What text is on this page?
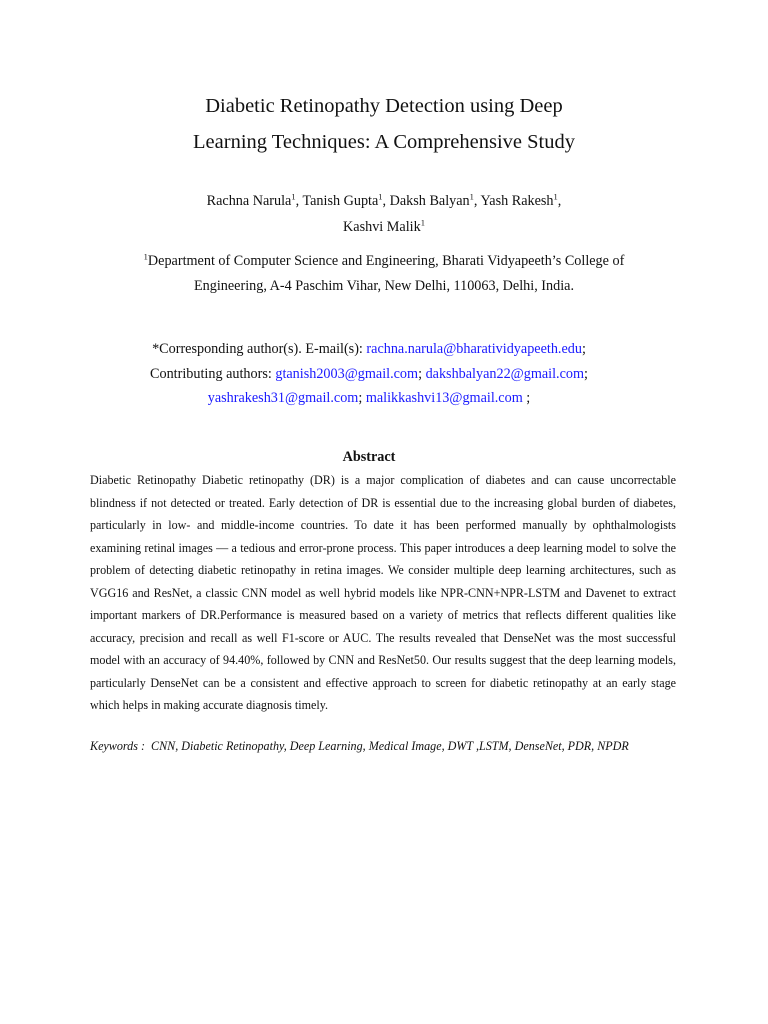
Diabetic Retinopathy Detection using Deep
Learning Techniques: A Comprehensive Study
Rachna Narula$^1$, Tanish Gupta$^1$, Daksh Balyan$^1$, Yash Rakesh$^1$,
Kashvi Malik$^1$
$^1$Department of Computer Science and Engineering, Bharati Vidyapeeth’s College of
Engineering, A-4 Paschim Vihar, New Delhi, 110063, Delhi, India.
*Corresponding author(s). E-mail(s): rachna.narula@bharatividyapeeth.edu;
Contributing authors: gtanish2003@gmail.com; dakshbalyan22@gmail.com;
yashrakesh31@gmail.com; malikkashvi13@gmail.com ;
Abstract

Diabetic Retinopathy Diabetic retinopathy (DR) is a major complication of diabetes and can cause uncorrectable blindness if not detected or treated. Early detection of DR is essential due to the increasing global burden of diabetes, particularly in low- and middle-income countries. To date it has been performed manually by ophthalmologists examining retinal images — a tedious and error-prone process. This paper introduces a deep learning model to solve the problem of detecting diabetic retinopathy in retina images. We consider multiple deep learning architectures, such as VGG16 and ResNet, a classic CNN model as well hybrid models like NPR-CNN+NPR-LSTM and Davenet to extract important markers of DR.Performance is measured based on a variety of metrics that reflects different qualities like accuracy, precision and recall as well F1-score or AUC. The results revealed that DenseNet was the most successful model with an accuracy of 94.40%, followed by CNN and ResNet50. Our results suggest that the deep learning models, particularly DenseNet can be a consistent and effective approach to screen for diabetic retinopathy at an early stage which helps in making accurate diagnosis timely.

Keywords : CNN, Diabetic Retinopathy, Deep Learning, Medical Image, DWT ,LSTM, DenseNet, PDR, NPDR
